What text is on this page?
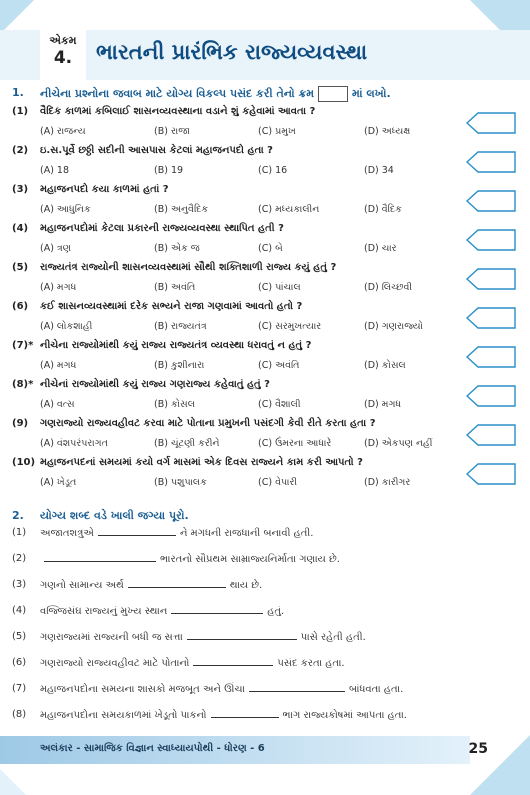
એકમ
4.	ભારતની પ્રારંભિક રાજ્યવ્યવસ્થા
1. નીચેના પ્રશ્નોના જવાબ માટે યોગ્ય વિકલ્પ પસંદ કરી તેનો ક્રમ	માં લખો.
(1) વૈદિક કાળમાં કબિલાઈ શાસનવ્યવસ્થાના વડાને શું કહેવામાં આવતા ?
(A) રાજન્ય	(B) રાજા	(C) પ્રમુખ	(D) અધ્યક્ષ
(2) ઇ.સ.પૂર્વે છઠ્ઠી સદીની આસપાસ કેટલાં મહાજનપદો હતા ?
(A) 18	(B) 19	(C) 16	(D) 34
(3) મહાજનપદો કયા કાળમાં હતાં ?
(A) આધુનિક	(B) અનુવૈદિક	(C) મધ્યકાલીન	(D) વૈદિક
(4) મહાજનપદોમાં કેટલા પ્રકારની રાજ્યવ્યવસ્થા સ્થાપિત હતી ?
(A) ત્રણ	(B) એક જ	(C) બે	(D) ચાર
(5) રાજ્યતંત્ર રાજ્યોની શાસનવ્યવસ્થામાં સૌથી શક્તિશાળી રાજ્ય કયું હતું ?
(A) મગધ	(B) અવંતિ	(C) પાંચાલ	(D) લિચ્છવી
(6) કઈ શાસનવ્યવસ્થામાં દરેક સભ્યને રાજા ગણવામાં આવતો હતો ?
(A) લોકશાહી	(B) રાજ્યતંત્ર	(C) સરમુખત્યાર	(D) ગણરાજ્યો
(7)* નીચેના રાજ્યોમાંથી કયું રાજ્ય રાજ્યતંત્ર વ્યવસ્થા ધરાવતું ન હતું ?
(A) મગધ	(B) કુશીનારા	(C) અવંતિ	(D) કોસલ
(8)* નીચેનાં રાજ્યોમાંથી કયું રાજ્ય ગણરાજ્ય કહેવાતું હતું ?
(A) વત્સ	(B) કોસલ	(C) વૈશાલી	(D) મગધ
(9) ગણરાજ્યો રાજ્યવહીવટ કરવા માટે પોતાના પ્રમુખની પસંદગી કેવી રીતે કરતા હતા ?
(A) વંશપરંપરાગત	(B) ચૂંટણી કરીને	(C) ઉંમરના આધારે	(D) એકપણ નહીં
(10) મહાજનપદનાં સમયમાં કયો વર્ગ માસમાં એક દિવસ રાજ્યને કામ કરી આપતો ?
(A) ખેડૂત	(B) પશુપાલક	(C) વેપારી	(D) કારીગર
2. યોગ્ય શબ્દ વડે ખાલી જગ્યા પૂરો.
(1) અજાતશત્રુએ	ને મગધની રાજધાની બનાવી હતી.
(2)	ભારતનો સૌપ્રથમ સામ્રાજ્યનિર્માતા ગણાય છે.
(3) ગણનો સામાન્ય અર્થ	થાય છે.
(4) વજ્જિસંઘ રાજ્યનું મુખ્ય સ્થાન	હતું.
(5) ગણરાજ્યમાં રાજ્યની બધી જ સત્તા	પાસે રહેતી હતી.
(6) ગણરાજ્યો રાજ્યવહીવટ માટે પોતાનો	પસંદ કરતા હતા.
(7) મહાજનપદોના સમયના શાસકો મજબૂત અને ઊંચા	બાંધવતા હતા.
(8) મહાજનપદોના સમયકાળમાં ખેડૂતો પાકનો	ભાગ રાજ્યકોષમાં આપતા હતા.
અલંકાર - સામાજિક વિજ્ઞાન સ્વાધ્યાયપોથી - ધોરણ - 6	25
